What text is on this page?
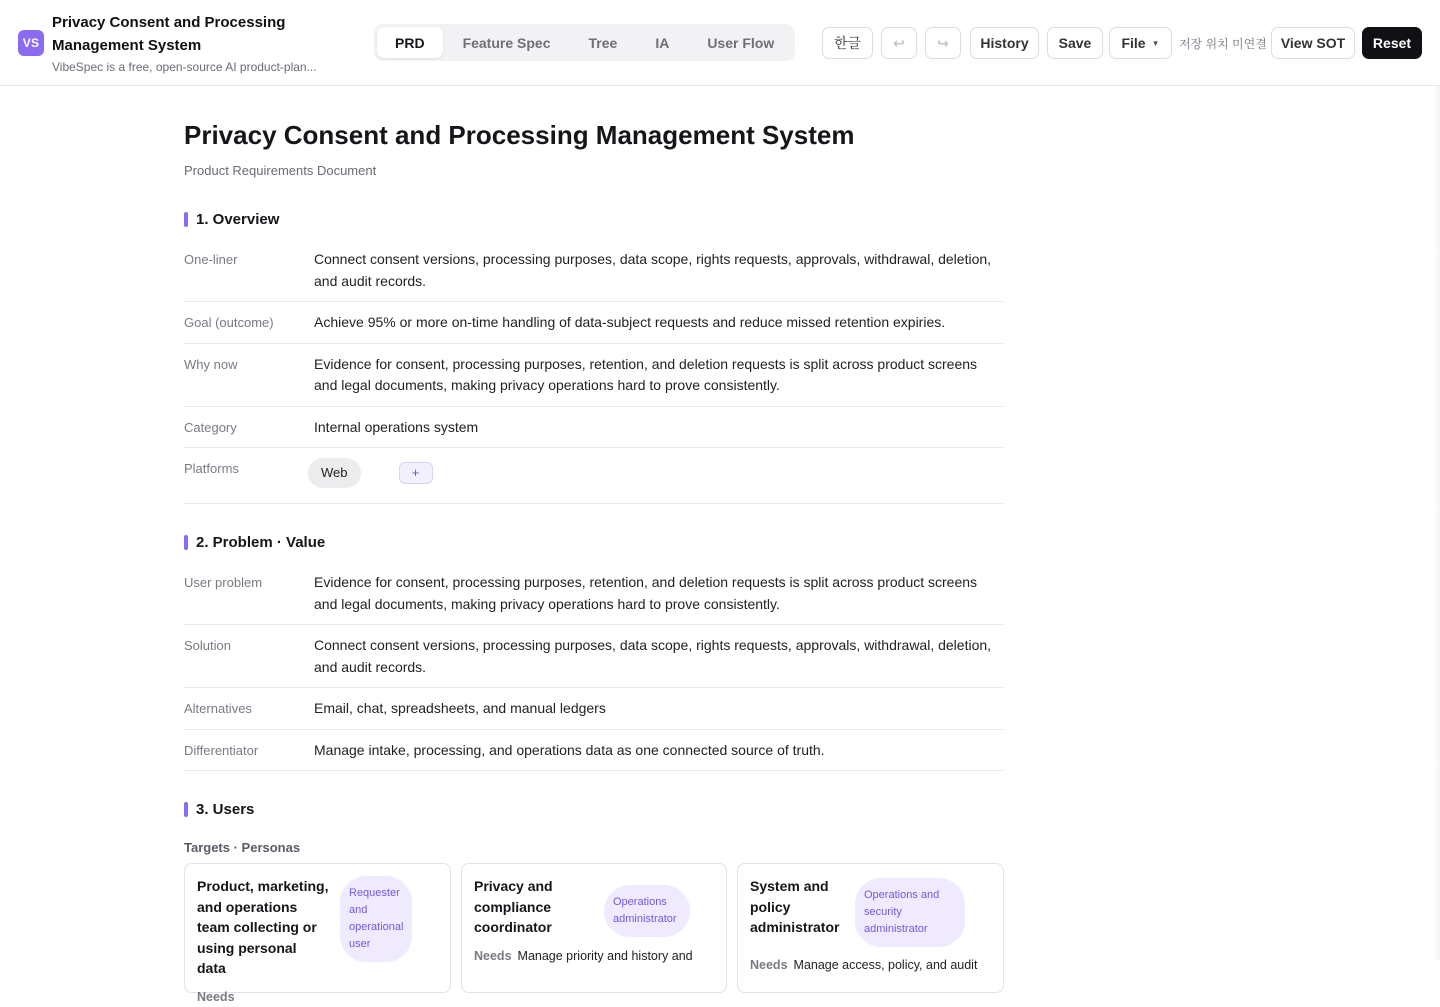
VS
Privacy Consent and Processing Management System
VibeSpec is a free, open-source AI product-plan...
PRD	Feature Spec	Tree	IA	User Flow	한글	↩	↪	History	Save	File ▼ 저장 위치 미연결	View SOT	Reset
Privacy Consent and Processing Management System
Product Requirements Document
1. Overview
One-liner	Connect consent versions, processing purposes, data scope, rights requests, approvals, withdrawal, deletion, and audit records.
Goal (outcome)	Achieve 95% or more on-time handling of data-subject requests and reduce missed retention expiries.
Why now	Evidence for consent, processing purposes, retention, and deletion requests is split across product screens and legal documents, making privacy operations hard to prove consistently.
Category	Internal operations system
Platforms	Web	+
2. Problem · Value
User problem	Evidence for consent, processing purposes, retention, and deletion requests is split across product screens and legal documents, making privacy operations hard to prove consistently.
Solution	Connect consent versions, processing purposes, data scope, rights requests, approvals, withdrawal, deletion, and audit records.
Alternatives	Email, chat, spreadsheets, and manual ledgers
Differentiator	Manage intake, processing, and operations data as one connected source of truth.
3. Users
Targets · Personas
Product, marketing, and operations team collecting or using personal data
Requester and operational user
Needs
Privacy and compliance coordinator
Operations administrator
Needs Manage priority and history and
System and policy administrator
Operations and security administrator
Needs Manage access, policy, and audit
